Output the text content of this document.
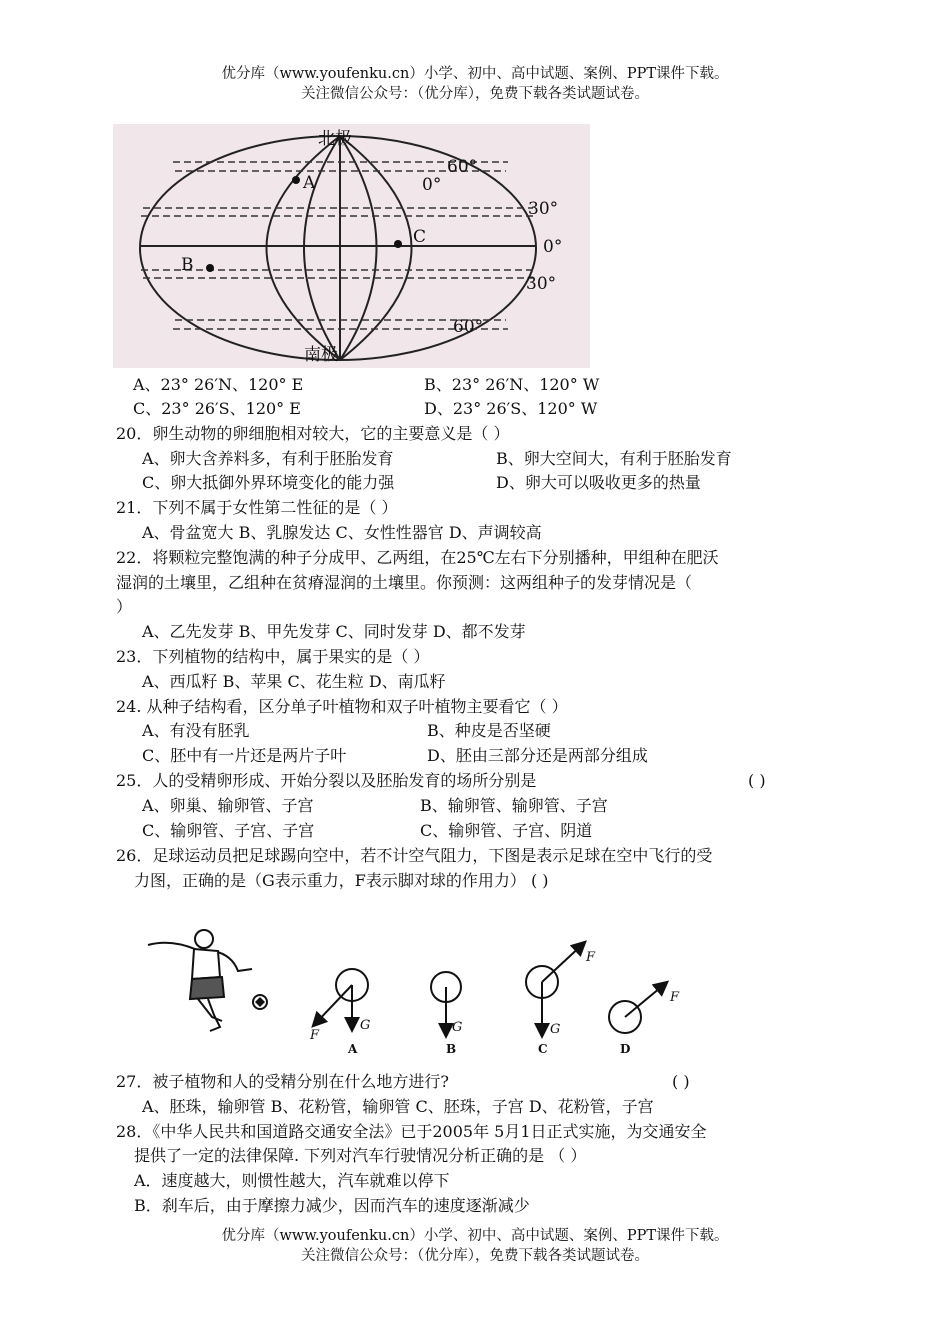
优分库（www.youfenku.cn）小学、初中、高中试题、案例、PPT课件下载。
关注微信公众号：（优分库），免费下载各类试题试卷。
北极
南极
60°
30°
0°
30°
60°
0°
A
B
C
A、23° 26′N、120° E	B、23° 26′N、120° W
C、23° 26′S、120° E	D、23° 26′S、120° W
20．卵生动物的卵细胞相对较大，它的主要意义是（ ）
A、卵大含养料多，有利于胚胎发育	B、卵大空间大，有利于胚胎发育
C、卵大抵御外界环境变化的能力强	D、卵大可以吸收更多的热量
21．下列不属于女性第二性征的是（ ）
A、骨盆宽大 B、乳腺发达 C、女性性器官 D、声调较高
22．将颗粒完整饱满的种子分成甲、乙两组，在25℃左右下分别播种，甲组种在肥沃
湿润的土壤里，乙组种在贫瘠湿润的土壤里。你预测：这两组种子的发芽情况是（
）
A、乙先发芽 B、甲先发芽 C、同时发芽 D、都不发芽
23．下列植物的结构中，属于果实的是（ ）
A、西瓜籽 B、苹果 C、花生粒 D、南瓜籽
24. 从种子结构看，区分单子叶植物和双子叶植物主要看它（ ）
A、有没有胚乳	B、种皮是否坚硬
C、胚中有一片还是两片子叶	D、胚由三部分还是两部分组成
25．人的受精卵形成、开始分裂以及胚胎发育的场所分别是	( )
A、卵巢、输卵管、子宫	B、输卵管、输卵管、子宫
C、输卵管、子宫、子宫	C、输卵管、子宫、阴道
26．足球运动员把足球踢向空中，若不计空气阻力，下图是表示足球在空中飞行的受
力图，正确的是（G表示重力，F表示脚对球的作用力） ( )
F
G	G	G
F
F
A	B	C	D
27．被子植物和人的受精分别在什么地方进行?	( )
A、胚珠，输卵管 B、花粉管，输卵管 C、胚珠，子宫 D、花粉管，子宫
28．《中华人民共和国道路交通安全法》已于2005年 5月1日正式实施，为交通安全
提供了一定的法律保障. 下列对汽车行驶情况分析正确的是 （ ）
A．速度越大，则惯性越大，汽车就难以停下
B．刹车后，由于摩擦力减少，因而汽车的速度逐渐减少
优分库（www.youfenku.cn）小学、初中、高中试题、案例、PPT课件下载。
关注微信公众号：（优分库），免费下载各类试题试卷。
